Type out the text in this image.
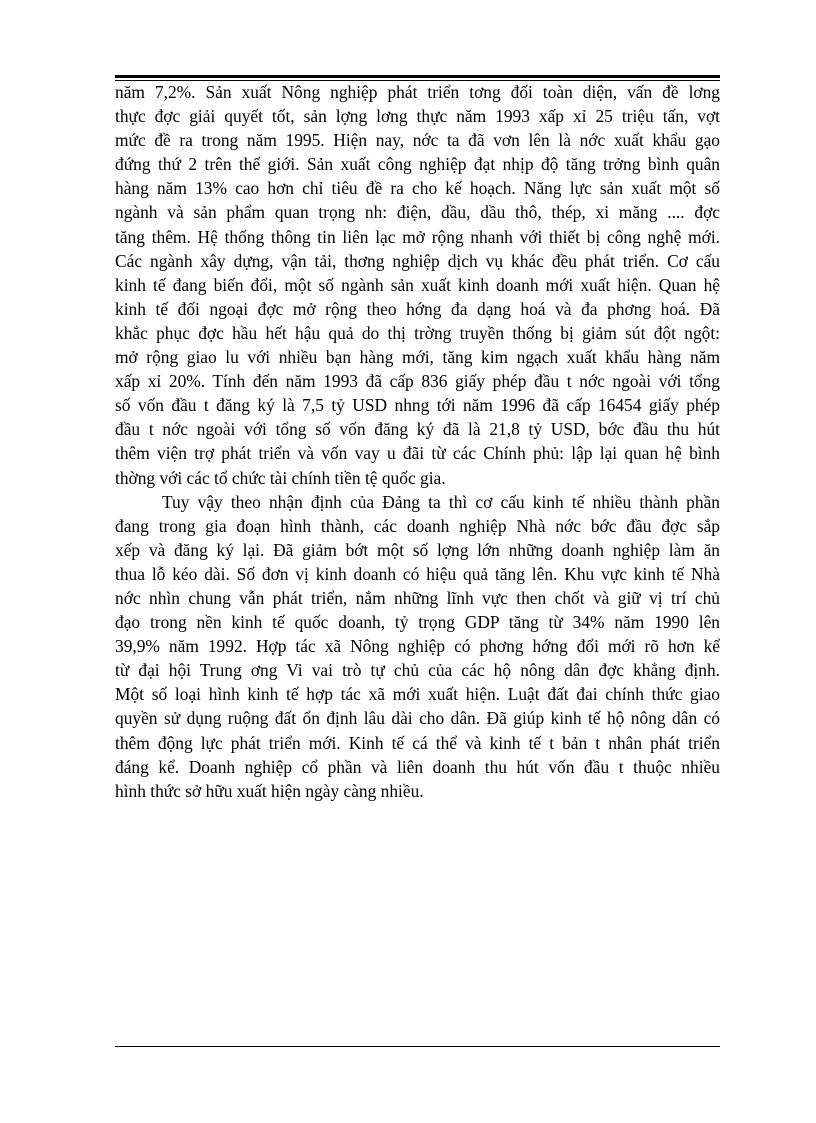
năm 7,2%. Sản xuất Nông nghiệp phát triển tơng đối toàn diện, vấn đề lơng
thực đợc giải quyết tốt, sản lợng lơng thực năm 1993 xấp xỉ 25 triệu tấn, vợt
mức đề ra trong năm 1995. Hiện nay, nớc ta đã vơn lên là nớc xuất khẩu gạo
đứng thứ 2 trên thế giới. Sản xuất công nghiệp đạt nhịp độ tăng trởng bình quân
hàng năm 13% cao hơn chỉ tiêu đề ra cho kế hoạch. Năng lực sản xuất một số
ngành và sản phẩm quan trọng nh: điện, dầu, dầu thô, thép, xi măng .... đợc
tăng thêm. Hệ thống thông tin liên lạc mở rộng nhanh với thiết bị công nghệ mới.
Các ngành xây dựng, vận tải, thơng nghiệp dịch vụ khác đều phát triển. Cơ cấu
kinh tế đang biến đổi, một số ngành sản xuất kinh doanh mới xuất hiện. Quan hệ
kinh tế đối ngoại đợc mở rộng theo hớng đa dạng hoá và đa phơng hoá. Đã
khắc phục đợc hầu hết hậu quả do thị trờng truyền thống bị giảm sút đột ngột:
mở rộng giao lu với nhiều bạn hàng mới, tăng kim ngạch xuất khẩu hàng năm
xấp xỉ 20%. Tính đến năm 1993 đã cấp 836 giấy phép đầu t nớc ngoài với tổng
số vốn đầu t đăng ký là 7,5 tỷ USD nhng tới năm 1996 đã cấp 16454 giấy phép
đầu t nớc ngoài với tổng số vốn đăng ký đã là 21,8 tỷ USD, bớc đầu thu hút
thêm viện trợ phát triển và vốn vay u đãi từ các Chính phủ: lập lại quan hệ bình
thờng với các tổ chức tài chính tiền tệ quốc gia.

Tuy vậy theo nhận định của Đảng ta thì cơ cấu kinh tế nhiều thành phần
đang trong gia đoạn hình thành, các doanh nghiệp Nhà nớc bớc đầu đợc sắp
xếp và đăng ký lại. Đã giảm bớt một số lợng lớn những doanh nghiệp làm ăn
thua lỗ kéo dài. Số đơn vị kinh doanh có hiệu quả tăng lên. Khu vực kinh tế Nhà
nớc nhìn chung vẫn phát triển, nắm những lĩnh vực then chốt và giữ vị trí chủ
đạo trong nền kinh tế quốc doanh, tỷ trọng GDP tăng từ 34% năm 1990 lên
39,9% năm 1992. Hợp tác xã Nông nghiệp có phơng hớng đổi mới rõ hơn kể
từ đại hội Trung ơng Vi vai trò tự chủ của các hộ nông dân đợc khẳng định.
Một số loại hình kinh tế hợp tác xã mới xuất hiện. Luật đất đai chính thức giao
quyền sử dụng ruộng đất ổn định lâu dài cho dân. Đã giúp kinh tế hộ nông dân có
thêm động lực phát triển mới. Kinh tế cá thể và kinh tế t bản t nhân phát triển
đáng kể. Doanh nghiệp cổ phần và liên doanh thu hút vốn đầu t thuộc nhiều
hình thức sở hữu xuất hiện ngày càng nhiều.
